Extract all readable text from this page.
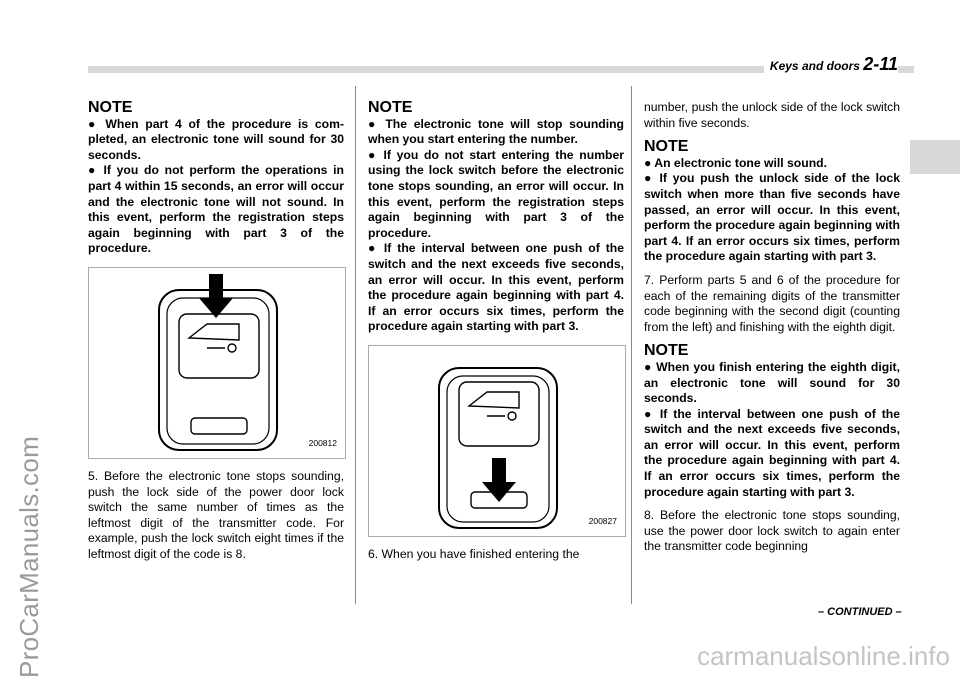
ProCarManuals.com	carmanualsonline.info
Keys and doors 2-11
NOTE

● When part 4 of the procedure is completed, an electronic tone will sound for 30 seconds.

● If you do not perform the operations in part 4 within 15 seconds, an error will occur and the electronic tone will not sound. In this event, perform the registration steps again beginning with part 3 of the procedure.

200812

5. Before the electronic tone stops sounding, push the lock side of the power door lock switch the same number of times as the leftmost digit of the transmitter code. For example, push the lock switch eight times if the leftmost digit of the code is 8.

NOTE

● The electronic tone will stop sounding when you start entering the number.

● If you do not start entering the number using the lock switch before the electronic tone stops sounding, an error will occur. In this event, perform the registration steps again beginning with part 3 of the procedure.

● If the interval between one push of the switch and the next exceeds five seconds, an error will occur. In this event, perform the procedure again beginning with part 4. If an error occurs six times, perform the procedure again starting with part 3.

200827

6. When you have finished entering the

number, push the unlock side of the lock switch within five seconds.

NOTE

● An electronic tone will sound.

● If you push the unlock side of the lock switch when more than five seconds have passed, an error will occur. In this event, perform the procedure again beginning with part 4. If an error occurs six times, perform the procedure again starting with part 3.

7. Perform parts 5 and 6 of the procedure for each of the remaining digits of the transmitter code beginning with the second digit (counting from the left) and finishing with the eighth digit.

NOTE

● When you finish entering the eighth digit, an electronic tone will sound for 30 seconds.

● If the interval between one push of the switch and the next exceeds five seconds, an error will occur. In this event, perform the procedure again beginning with part 4. If an error occurs six times, perform the procedure again starting with part 3.

8. Before the electronic tone stops sounding, use the power door lock switch to again enter the transmitter code beginning

– CONTINUED –
